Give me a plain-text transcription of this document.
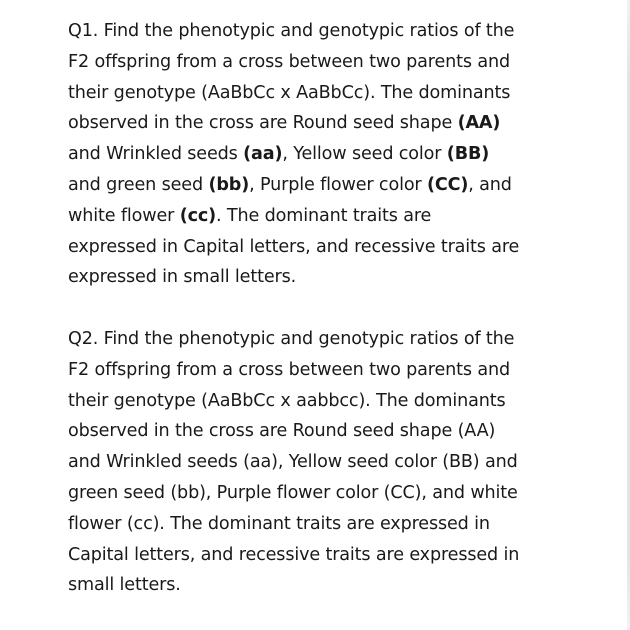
Q1. Find the phenotypic and genotypic ratios of the
F2 offspring from a cross between two parents and
their genotype (AaBbCc x AaBbCc). The dominants
observed in the cross are Round seed shape (AA)
and Wrinkled seeds (aa), Yellow seed color (BB)
and green seed (bb), Purple flower color (CC), and
white flower (cc). The dominant traits are
expressed in Capital letters, and recessive traits are
expressed in small letters.
Q2. Find the phenotypic and genotypic ratios of the
F2 offspring from a cross between two parents and
their genotype (AaBbCc x aabbcc). The dominants
observed in the cross are Round seed shape (AA)
and Wrinkled seeds (aa), Yellow seed color (BB) and
green seed (bb), Purple flower color (CC), and white
flower (cc). The dominant traits are expressed in
Capital letters, and recessive traits are expressed in
small letters.
